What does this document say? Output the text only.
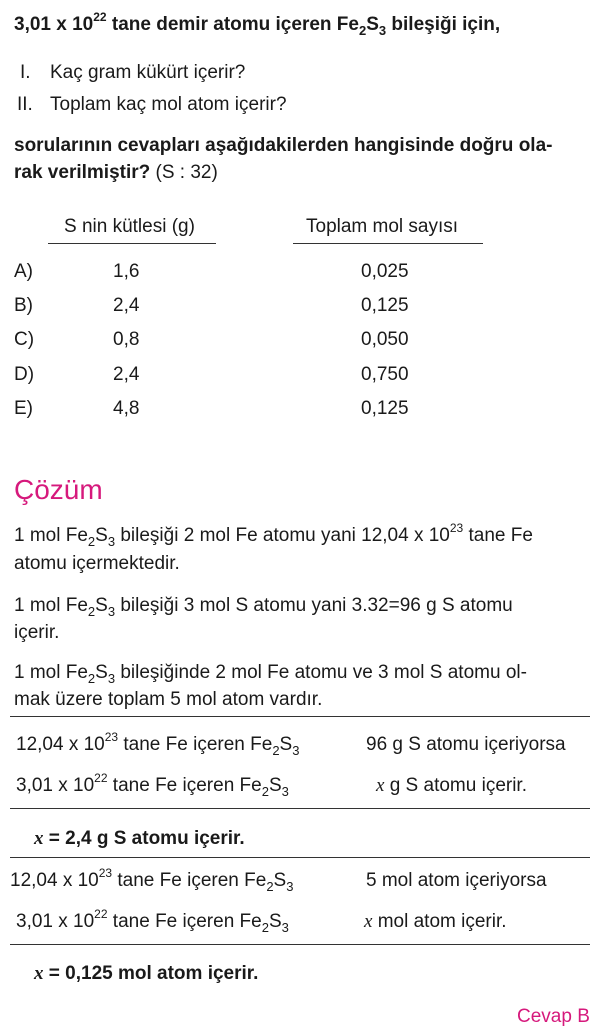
3,01 x $10^{22}$ tane demir atomu içeren $Fe_2S_3$ bileşiği için,
I. Kaç gram kükürt içerir?
II. Toplam kaç mol atom içerir?
sorularının cevapları aşağıdakilerden hangisinde doğru ola-
rak verilmiştir? (S : 32)
S nin kütlesi (g)	Toplam mol sayısı
A)	1,6	0,025
B)	2,4	0,125
C)	0,8	0,050
D)	2,4	0,750
E)	4,8	0,125
Çözüm
1 mol $Fe_2S_3$ bileşiği 2 mol Fe atomu yani 12,04 x $10^{23}$ tane Fe
atomu içermektedir.
1 mol $Fe_2S_3$ bileşiği 3 mol S atomu yani 3.32=96 g S atomu
içerir.
1 mol $Fe_2S_3$ bileşiğinde 2 mol Fe atomu ve 3 mol S atomu ol-
mak üzere toplam 5 mol atom vardır.
12,04 x $10^{23}$ tane Fe içeren $Fe_2S_3$	96 g S atomu içeriyorsa
3,01 x $10^{22}$ tane Fe içeren $Fe_2S_3$	x g S atomu içerir.
x = 2,4 g S atomu içerir.
12,04 x $10^{23}$ tane Fe içeren $Fe_2S_3$	5 mol atom içeriyorsa
3,01 x $10^{22}$ tane Fe içeren $Fe_2S_3$	x mol atom içerir.
x = 0,125 mol atom içerir.
Cevap B
